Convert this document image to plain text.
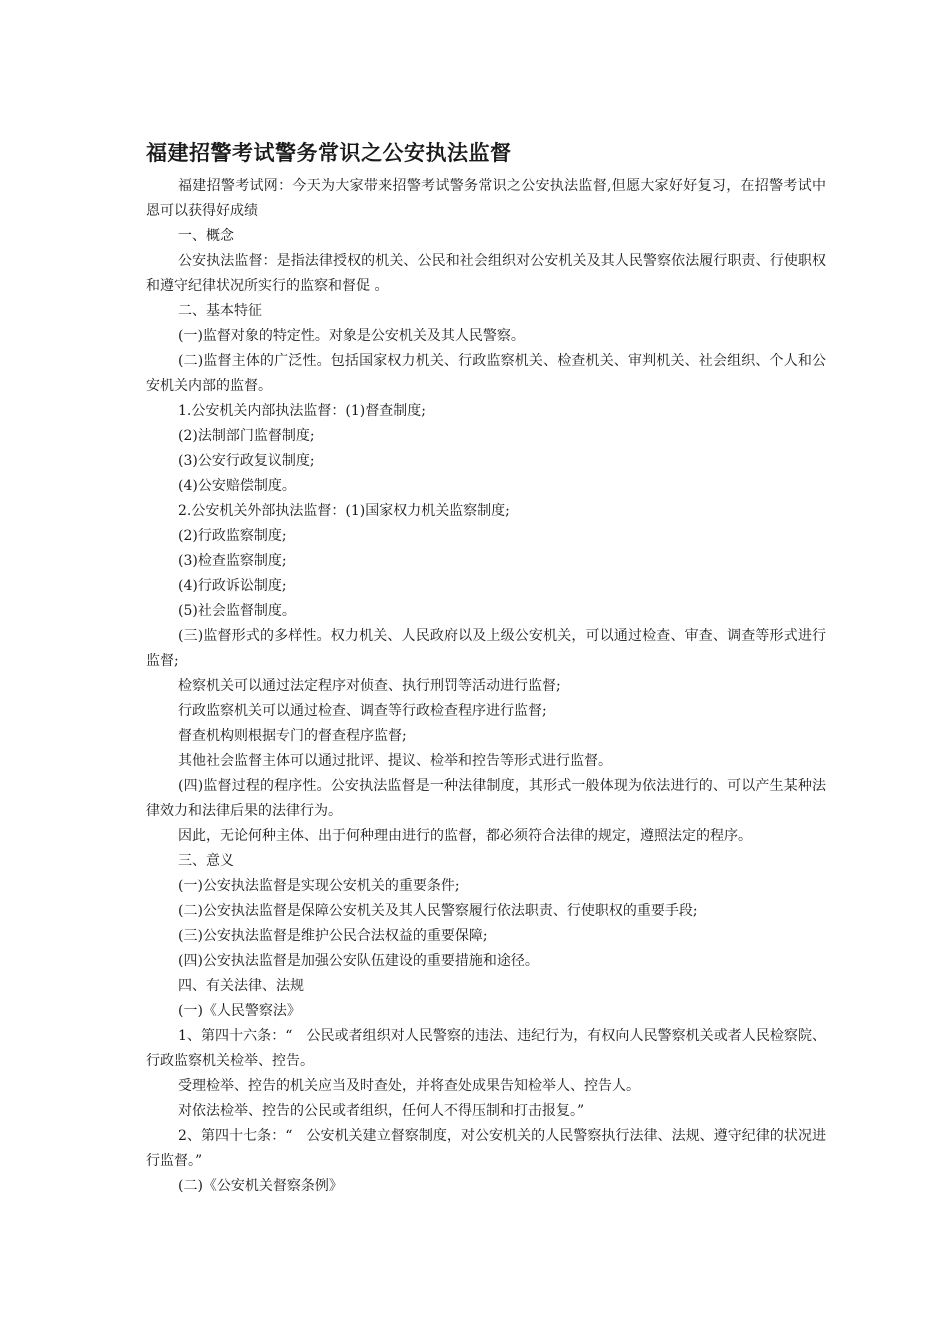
福建招警考试警务常识之公安执法监督

福建招警考试网：今天为大家带来招警考试警务常识之公安执法监督,但愿大家好好复习，在招警考试中恩可以获得好成绩

一、概念

公安执法监督：是指法律授权的机关、公民和社会组织对公安机关及其人民警察依法履行职责、行使职权和遵守纪律状况所实行的监察和督促 。

二、基本特征

(一)监督对象的特定性。对象是公安机关及其人民警察。

(二)监督主体的广泛性。包括国家权力机关、行政监察机关、检查机关、审判机关、社会组织、个人和公安机关内部的监督。

1.公安机关内部执法监督：(1)督查制度;

(2)法制部门监督制度;

(3)公安行政复议制度;

(4)公安赔偿制度。

2.公安机关外部执法监督：(1)国家权力机关监察制度;

(2)行政监察制度;

(3)检查监察制度;

(4)行政诉讼制度;

(5)社会监督制度。

(三)监督形式的多样性。权力机关、人民政府以及上级公安机关，可以通过检查、审查、调查等形式进行监督;

检察机关可以通过法定程序对侦查、执行刑罚等活动进行监督;

行政监察机关可以通过检查、调查等行政检查程序进行监督;

督查机构则根据专门的督查程序监督;

其他社会监督主体可以通过批评、提议、检举和控告等形式进行监督。

(四)监督过程的程序性。公安执法监督是一种法律制度，其形式一般体现为依法进行的、可以产生某种法律效力和法律后果的法律行为。

因此，无论何种主体、出于何种理由进行的监督，都必须符合法律的规定，遵照法定的程序。

三、意义

(一)公安执法监督是实现公安机关的重要条件;

(二)公安执法监督是保障公安机关及其人民警察履行依法职责、行使职权的重要手段;

(三)公安执法监督是维护公民合法权益的重要保障;

(四)公安执法监督是加强公安队伍建设的重要措施和途径。

四、有关法律、法规

(一)《人民警察法》

1、第四十六条：“　公民或者组织对人民警察的违法、违纪行为，有权向人民警察机关或者人民检察院、行政监察机关检举、控告。

受理检举、控告的机关应当及时查处，并将查处成果告知检举人、控告人。

对依法检举、控告的公民或者组织，任何人不得压制和打击报复。”

2、第四十七条：“　公安机关建立督察制度，对公安机关的人民警察执行法律、法规、遵守纪律的状况进行监督。”

(二)《公安机关督察条例》
